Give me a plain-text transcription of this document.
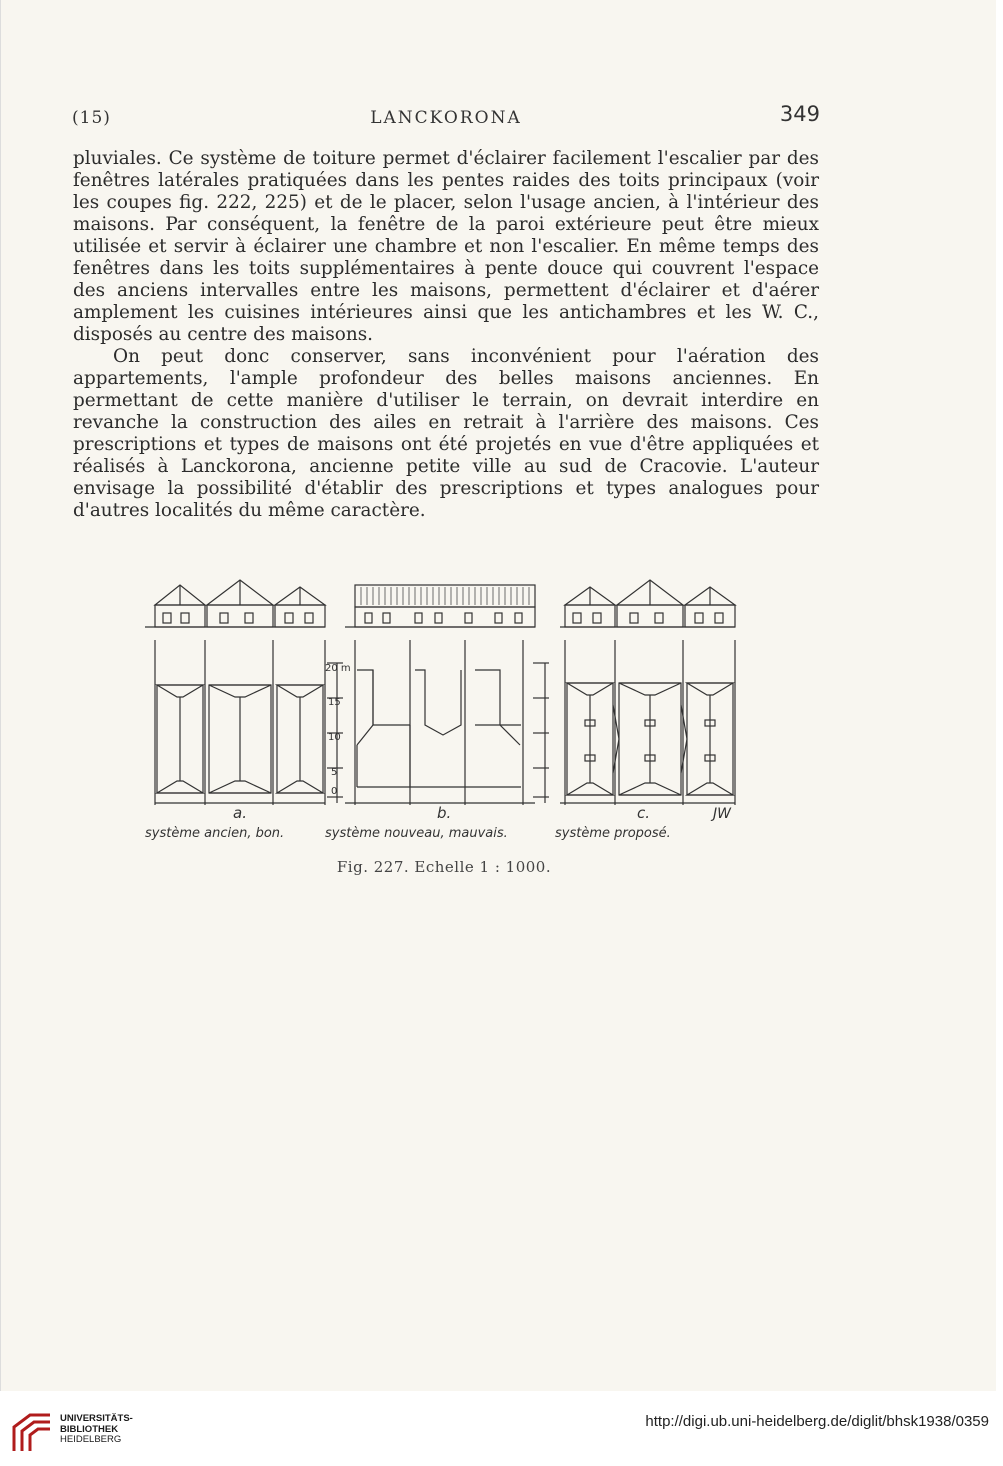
(15)	LANCKORONA	349

pluviales. Ce système de toiture permet d'éclairer facilement l'escalier par des fenêtres latérales pratiquées dans les pentes raides des toits principaux (voir les coupes fig. 222, 225) et de le placer, selon l'usage ancien, à l'intérieur des maisons. Par conséquent, la fenêtre de la paroi extérieure peut être mieux utilisée et servir à éclairer une chambre et non l'escalier. En même temps des fenêtres dans les toits supplémentaires à pente douce qui couvrent l'espace des anciens intervalles entre les maisons, permettent d'éclairer et d'aérer amplement les cuisines intérieures ainsi que les antichambres et les W. C., disposés au centre des maisons.

On peut donc conserver, sans inconvénient pour l'aération des appartements, l'ample profondeur des belles maisons anciennes. En permettant de cette manière d'utiliser le terrain, on devrait interdire en revanche la construction des ailes en retrait à l'arrière des maisons. Ces prescriptions et types de maisons ont été projetés en vue d'être appliquées et réalisés à Lanckorona, ancienne petite ville au sud de Cracovie. L'auteur envisage la possibilité d'établir des prescriptions et types analogues pour d'autres localités du même caractère.

20 m
15
10
5
0
a.	b.	c.	JW
système ancien, bon.	système nouveau, mauvais.	système proposé.
Fig. 227. Echelle 1 : 1000.
UNIVERSITÄTS-
BIBLIOTHEK
HEIDELBERG
http://digi.ub.uni-heidelberg.de/diglit/bhsk1938/0359
